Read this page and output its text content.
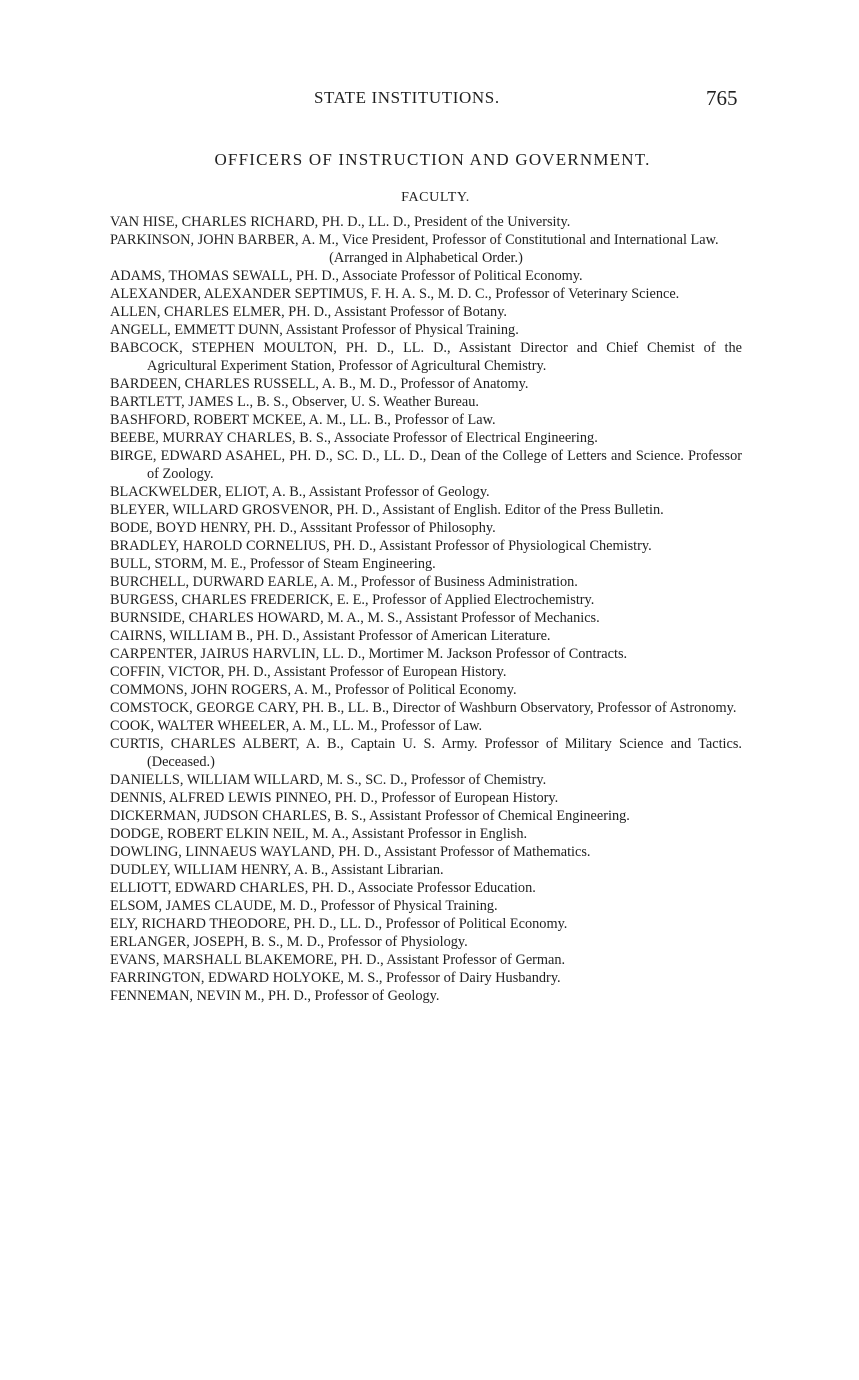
STATE INSTITUTIONS.	765
OFFICERS OF INSTRUCTION AND GOVERNMENT.
FACULTY.

VAN HISE, CHARLES RICHARD, PH. D., LL. D., President of the University.

PARKINSON, JOHN BARBER, A. M., Vice President, Professor of Constitutional and International Law.

(Arranged in Alphabetical Order.)

ADAMS, THOMAS SEWALL, PH. D., Associate Professor of Political Economy.

ALEXANDER, ALEXANDER SEPTIMUS, F. H. A. S., M. D. C., Professor of Veterinary Science.

ALLEN, CHARLES ELMER, PH. D., Assistant Professor of Botany.

ANGELL, EMMETT DUNN, Assistant Professor of Physical Training.

BABCOCK, STEPHEN MOULTON, PH. D., LL. D., Assistant Director and Chief Chemist of the Agricultural Experiment Station, Professor of Agricultural Chemistry.

BARDEEN, CHARLES RUSSELL, A. B., M. D., Professor of Anatomy.

BARTLETT, JAMES L., B. S., Observer, U. S. Weather Bureau.

BASHFORD, ROBERT MCKEE, A. M., LL. B., Professor of Law.

BEEBE, MURRAY CHARLES, B. S., Associate Professor of Electrical Engineering.

BIRGE, EDWARD ASAHEL, PH. D., SC. D., LL. D., Dean of the College of Letters and Science. Professor of Zoology.

BLACKWELDER, ELIOT, A. B., Assistant Professor of Geology.

BLEYER, WILLARD GROSVENOR, PH. D., Assistant of English. Editor of the Press Bulletin.

BODE, BOYD HENRY, PH. D., Asssitant Professor of Philosophy.

BRADLEY, HAROLD CORNELIUS, PH. D., Assistant Professor of Physiological Chemistry.

BULL, STORM, M. E., Professor of Steam Engineering.

BURCHELL, DURWARD EARLE, A. M., Professor of Business Administration.

BURGESS, CHARLES FREDERICK, E. E., Professor of Applied Electrochemistry.

BURNSIDE, CHARLES HOWARD, M. A., M. S., Assistant Professor of Mechanics.

CAIRNS, WILLIAM B., PH. D., Assistant Professor of American Literature.

CARPENTER, JAIRUS HARVLIN, LL. D., Mortimer M. Jackson Professor of Contracts.

COFFIN, VICTOR, PH. D., Assistant Professor of European History.

COMMONS, JOHN ROGERS, A. M., Professor of Political Economy.

COMSTOCK, GEORGE CARY, PH. B., LL. B., Director of Washburn Observatory, Professor of Astronomy.

COOK, WALTER WHEELER, A. M., LL. M., Professor of Law.

CURTIS, CHARLES ALBERT, A. B., Captain U. S. Army. Professor of Military Science and Tactics. (Deceased.)

DANIELLS, WILLIAM WILLARD, M. S., SC. D., Professor of Chemistry.

DENNIS, ALFRED LEWIS PINNEO, PH. D., Professor of European History.

DICKERMAN, JUDSON CHARLES, B. S., Assistant Professor of Chemical Engineering.

DODGE, ROBERT ELKIN NEIL, M. A., Assistant Professor in English.

DOWLING, LINNAEUS WAYLAND, PH. D., Assistant Professor of Mathematics.

DUDLEY, WILLIAM HENRY, A. B., Assistant Librarian.

ELLIOTT, EDWARD CHARLES, PH. D., Associate Professor Education.

ELSOM, JAMES CLAUDE, M. D., Professor of Physical Training.

ELY, RICHARD THEODORE, PH. D., LL. D., Professor of Political Economy.

ERLANGER, JOSEPH, B. S., M. D., Professor of Physiology.

EVANS, MARSHALL BLAKEMORE, PH. D., Assistant Professor of German.

FARRINGTON, EDWARD HOLYOKE, M. S., Professor of Dairy Husbandry.

FENNEMAN, NEVIN M., PH. D., Professor of Geology.
